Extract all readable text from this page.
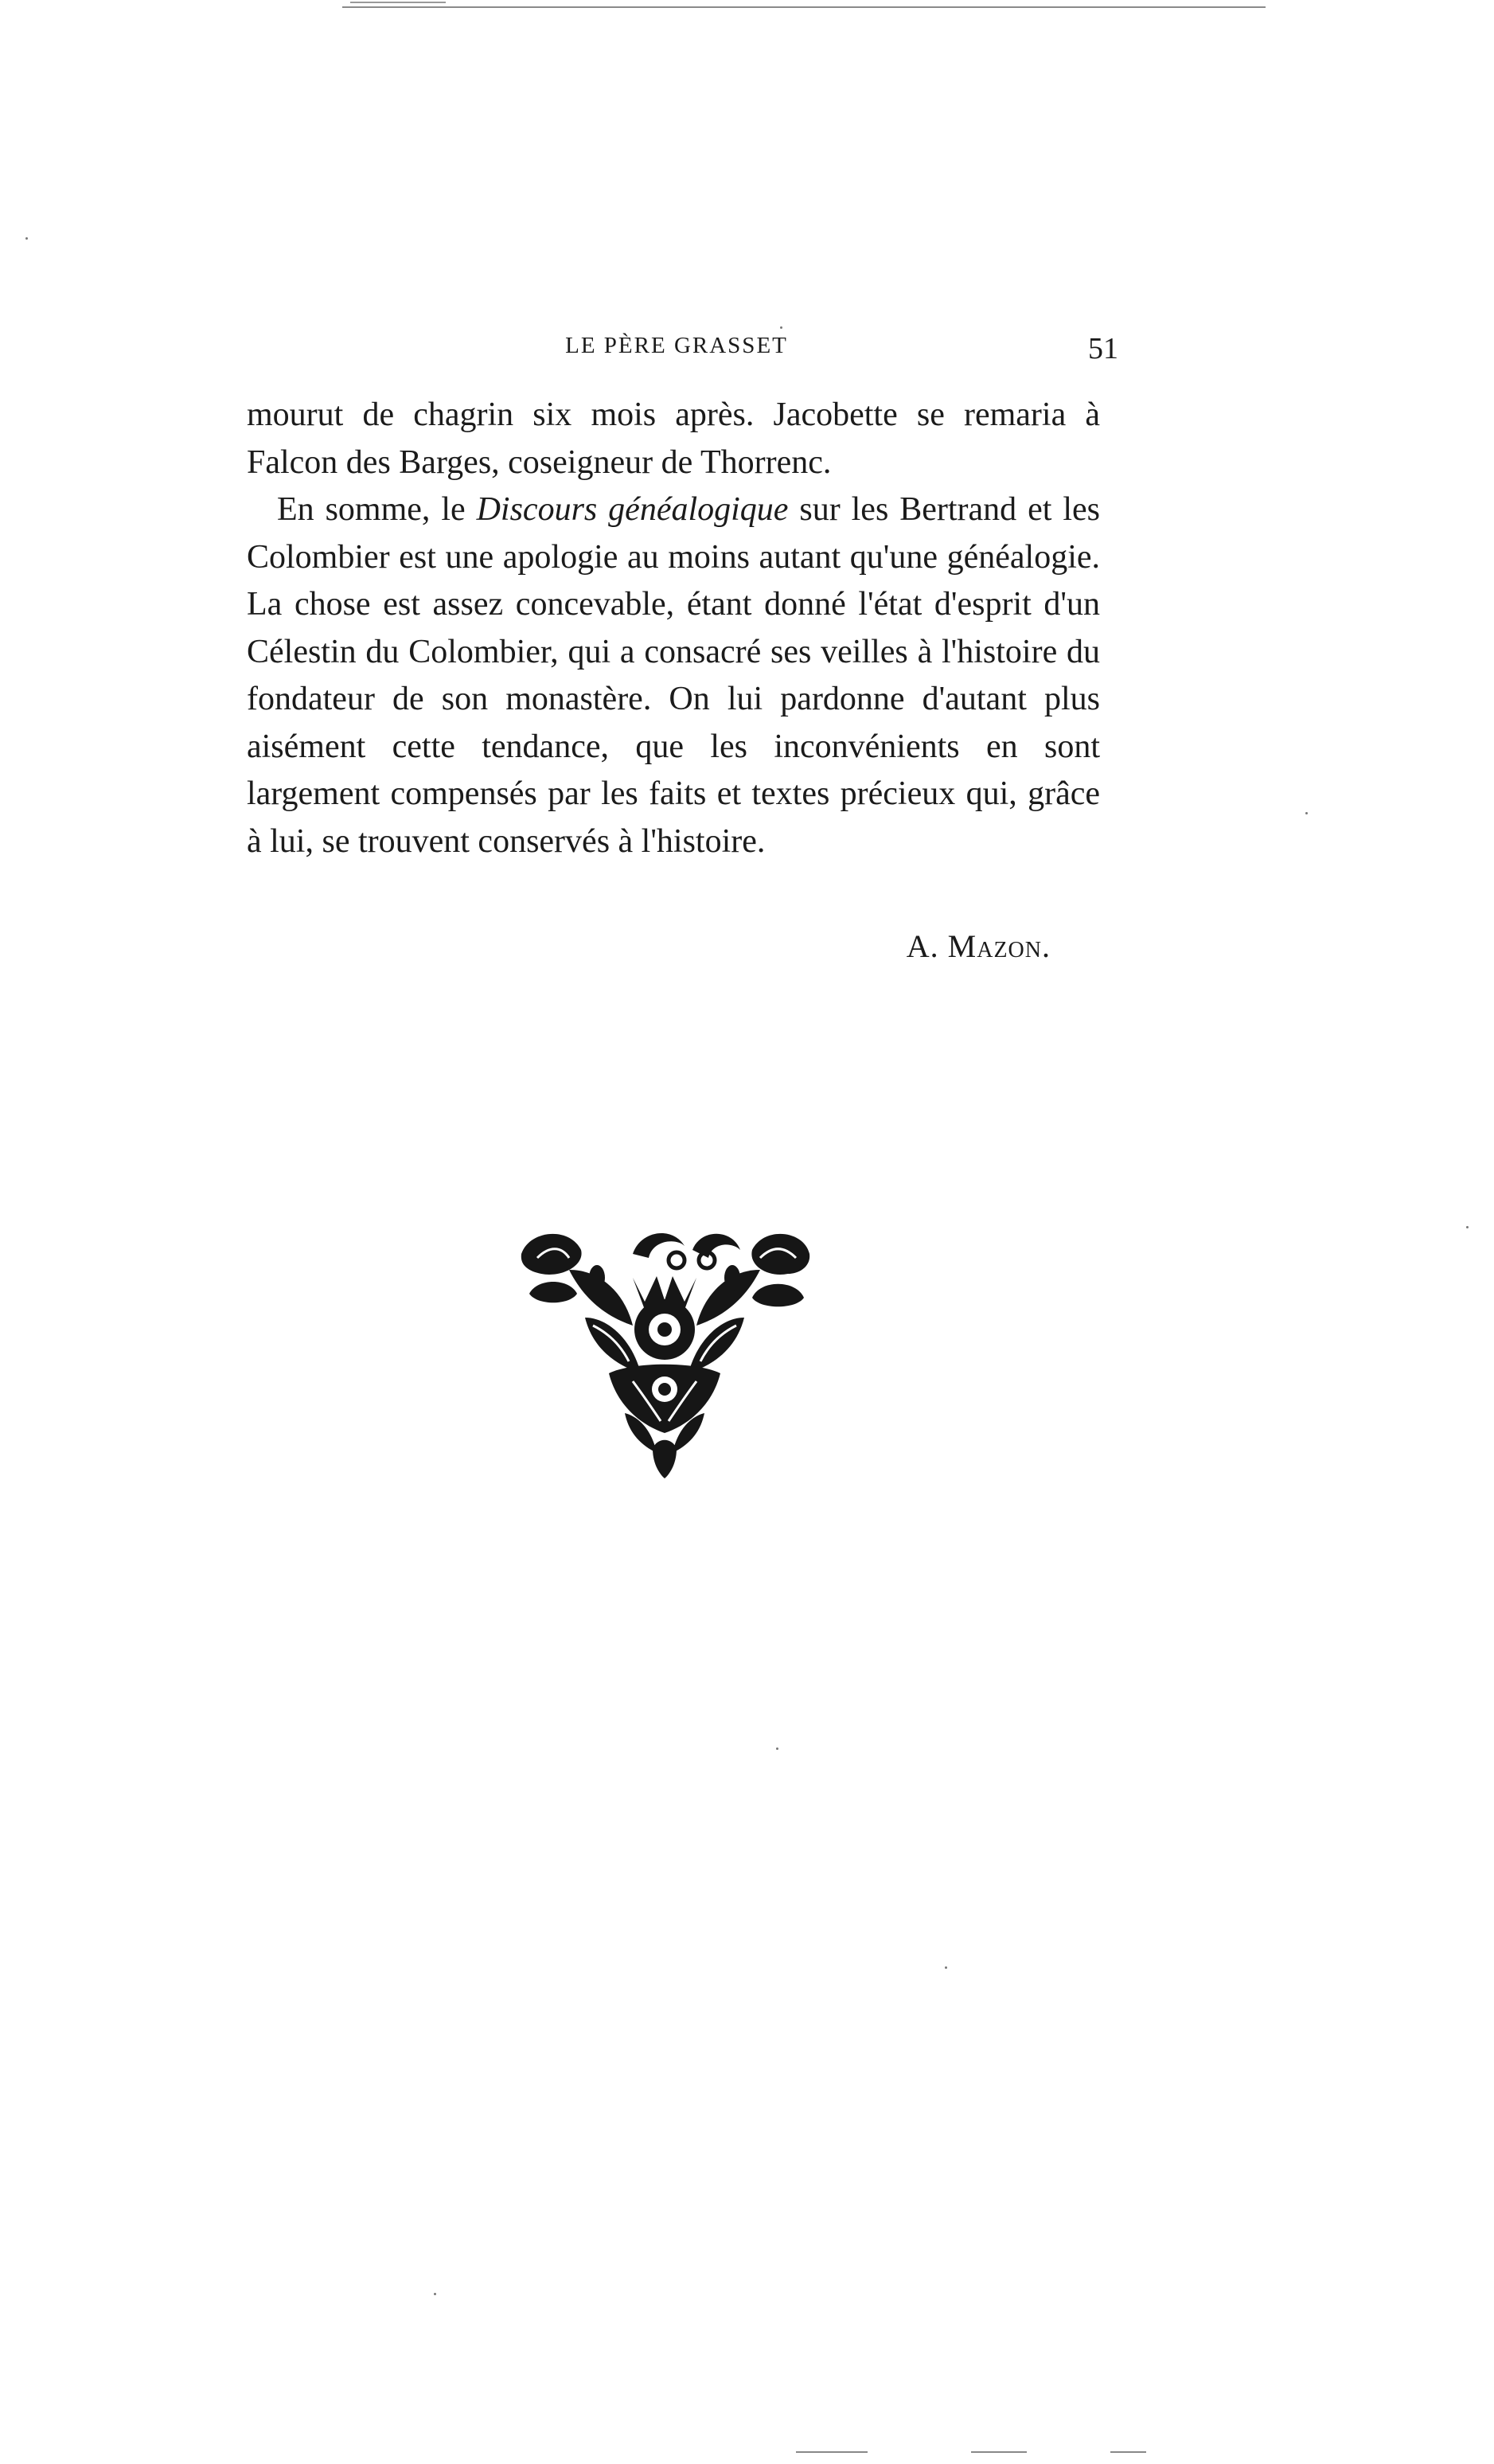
LE PÈRE GRASSET	51

mourut de chagrin six mois après. Jacobette se remaria à Falcon des Barges, coseigneur de Thorrenc.

En somme, le Discours généalogique sur les Bertrand et les Colombier est une apologie au moins autant qu'une généalogie. La chose est assez concevable, étant donné l'état d'esprit d'un Célestin du Colombier, qui a consacré ses veilles à l'histoire du fondateur de son monastère. On lui pardonne d'autant plus aisément cette tendance, que les inconvénients en sont largement compensés par les faits et textes précieux qui, grâce à lui, se trouvent conservés à l'histoire.

A. Mazon.
